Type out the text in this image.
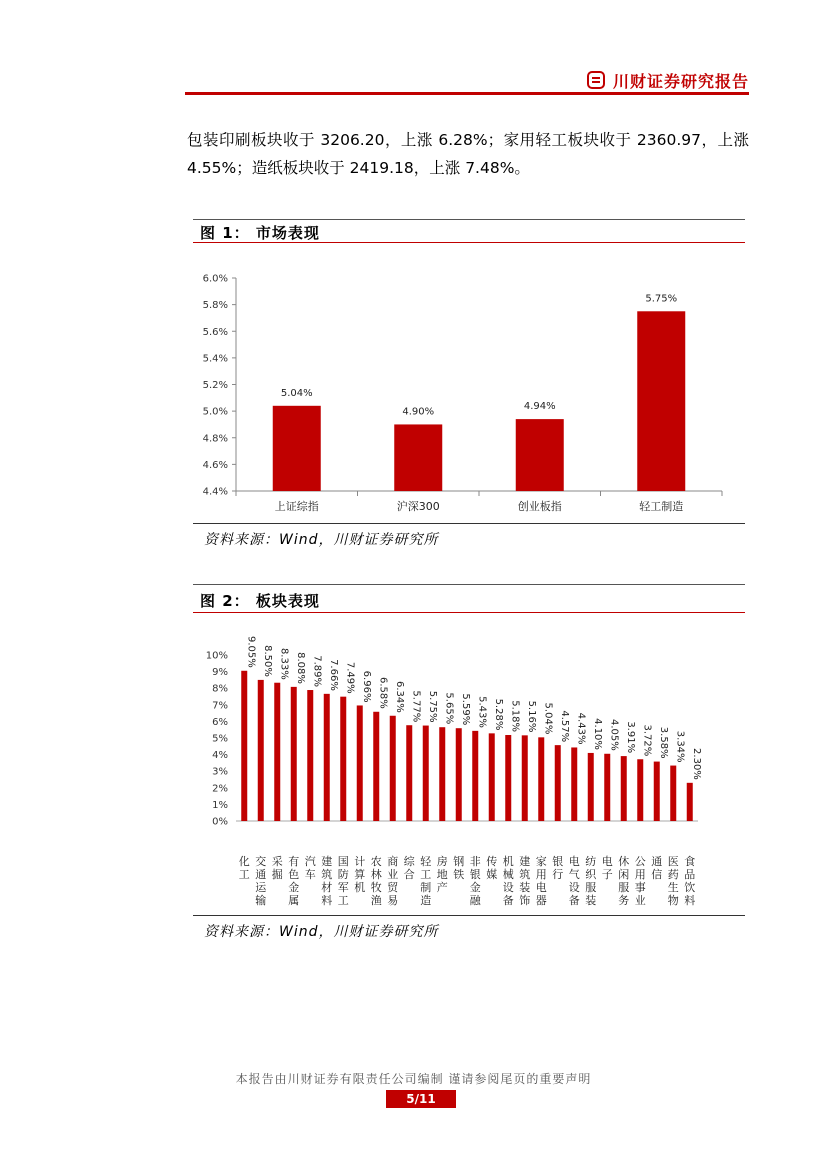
川财证券研究报告

包装印刷板块收于 3206.20，上涨 6.28%；家用轻工板块收于 2360.97，上涨 4.55%；造纸板块收于 2419.18，上涨 7.48%。

图 1： 市场表现
4.4%
4.6%
4.8%
5.0%
5.2%
5.4%
5.6%
5.8%
6.0%
5.04%
上证综指
4.90%
沪深300
4.94%
创业板指
5.75%
轻工制造
资料来源：Wind，川财证券研究所
图 2： 板块表现
0%
1%
2%
3%
4%
5%
6%
7%
8%
9%
10% 9.05%
化工
8.50%
交通运输
8.33%
采掘
8.08%
有色金属
7.89%
汽车
7.66%
建筑材料
7.49%
国防军工
6.96%
计算机
6.58%
农林牧渔
6.34%
商业贸易
5.77%
综合
5.75%
轻工制造
5.65%
房地产
5.59%
钢铁
5.43%
非银金融
5.28%
传媒
5.18%
机械设备
5.16%
建筑装饰
5.04%
家用电器
4.57%
银行
4.43%
电气设备
4.10%
纺织服装
4.05%
电子
3.91%
休闲服务
3.72%
公用事业
3.58%
通信
3.34%
医药生物
2.30%
食品饮料
资料来源：Wind，川财证券研究所
本报告由川财证券有限责任公司编制 谨请参阅尾页的重要声明
5/11
